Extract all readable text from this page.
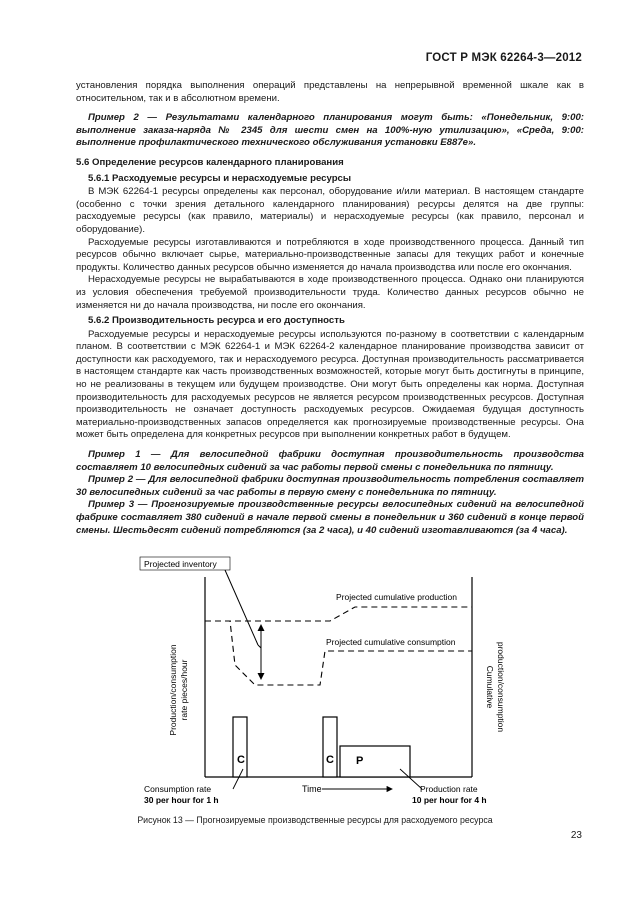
ГОСТ Р МЭК 62264-3—2012

установления порядка выполнения операций представлены на непрерывной временной шкале как в относительном, так и в абсолютном времени.

Пример 2 — Результатами календарного планирования могут быть: «Понедельник, 9:00: выполнение заказа-наряда № 2345 для шести смен на 100%-ную утилизацию», «Среда, 9:00: выполнение профилактического технического обслуживания установки E887e».

5.6 Определение ресурсов календарного планирования

5.6.1 Расходуемые ресурсы и нерасходуемые ресурсы

В МЭК 62264-1 ресурсы определены как персонал, оборудование и/или материал. В настоящем стандарте (особенно с точки зрения детального календарного планирования) ресурсы делятся на две группы: расходуемые ресурсы (как правило, материалы) и нерасходуемые ресурсы (как правило, персонал и оборудование).

Расходуемые ресурсы изготавливаются и потребляются в ходе производственного процесса. Данный тип ресурсов обычно включает сырье, материально-производственные запасы для текущих работ и конечные продукты. Количество данных ресурсов обычно изменяется до начала производства или после его окончания.

Нерасходуемые ресурсы не вырабатываются в ходе производственного процесса. Однако они планируются из условия обеспечения требуемой производительности труда. Количество данных ресурсов обычно не изменяется ни до начала производства, ни после его окончания.

5.6.2 Производительность ресурса и его доступность

Расходуемые ресурсы и нерасходуемые ресурсы используются по-разному в соответствии с календарным планом. В соответствии с МЭК 62264-1 и МЭК 62264-2 календарное планирование производства зависит от доступности как расходуемого, так и нерасходуемого ресурса. Доступная производительность рассматривается в настоящем стандарте как часть производственных возможностей, которые могут быть достигнуты в принципе, но не реализованы в текущем или будущем производстве. Они могут быть определены как норма. Доступная производительность для расходуемых ресурсов не является ресурсом производственных ресурсов. Доступная производительность не означает доступность расходуемых ресурсов. Ожидаемая будущая доступность материально-производственных запасов определяется как прогнозируемые производственные ресурсы. Она может быть определена для конкретных ресурсов при выполнении конкретных работ в будущем.

Пример 1 — Для велосипедной фабрики доступная производительность производства составляет 10 велосипедных сидений за час работы первой смены с понедельника по пятницу.

Пример 2 — Для велосипедной фабрики доступная производительность потребления составляет 30 велосипедных сидений за час работы в первую смену с понедельника по пятницу.

Пример 3 — Прогнозируемые производственные ресурсы велосипедных сидений на велосипедной фабрике составляет 380 сидений в начале первой смены в понедельник и 360 сидений в конце первой смены. Шестьдесят сидений потребляются (за 2 часа), и 40 сидений изготавливаются (за 4 часа).

Projected inventory
Projected cumulative production
Projected cumulative consumption
C	C P
Production/consumption rate pieces/hour	Cumulative production/consumption
Time
Consumption rate
30 per hour for 1 h
Production rate
10 per hour for 4 h
Рисунок 13 — Прогнозируемые производственные ресурсы для расходуемого ресурса
23
